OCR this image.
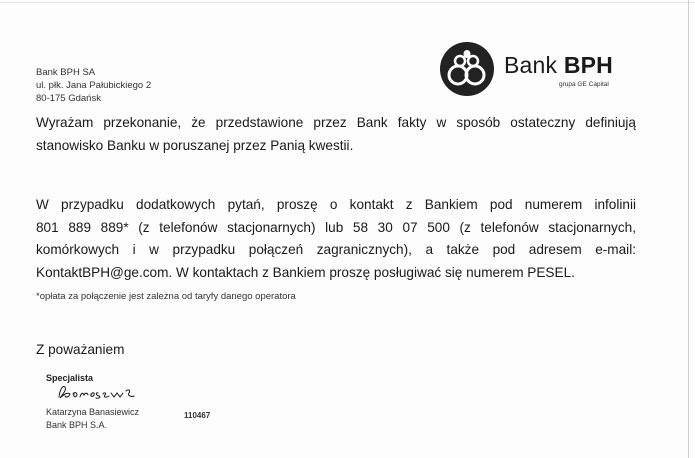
Bank BPH SA
ul. płk. Jana Pałubickiego 2
80-175 Gdańsk
Bank BPH
grupa GE Capital
Wyrażam przekonanie, że przedstawione przez Bank fakty w sposób ostateczny definiują
stanowisko Banku w poruszanej przez Panią kwestii.
W przypadku dodatkowych pytań, proszę o kontakt z Bankiem pod numerem infolinii
801 889 889* (z telefonów stacjonarnych) lub 58 30 07 500 (z telefonów stacjonarnych,
komórkowych i w przypadku połączeń zagranicznych), a także pod adresem e-mail:
KontaktBPH@ge.com. W kontaktach z Bankiem proszę posługiwać się numerem PESEL.
*opłata za połączenie jest zależna od taryfy danego operatora
Z poważaniem
Specjalista
Katarzyna Banasiewicz
Bank BPH S.A.
110467
